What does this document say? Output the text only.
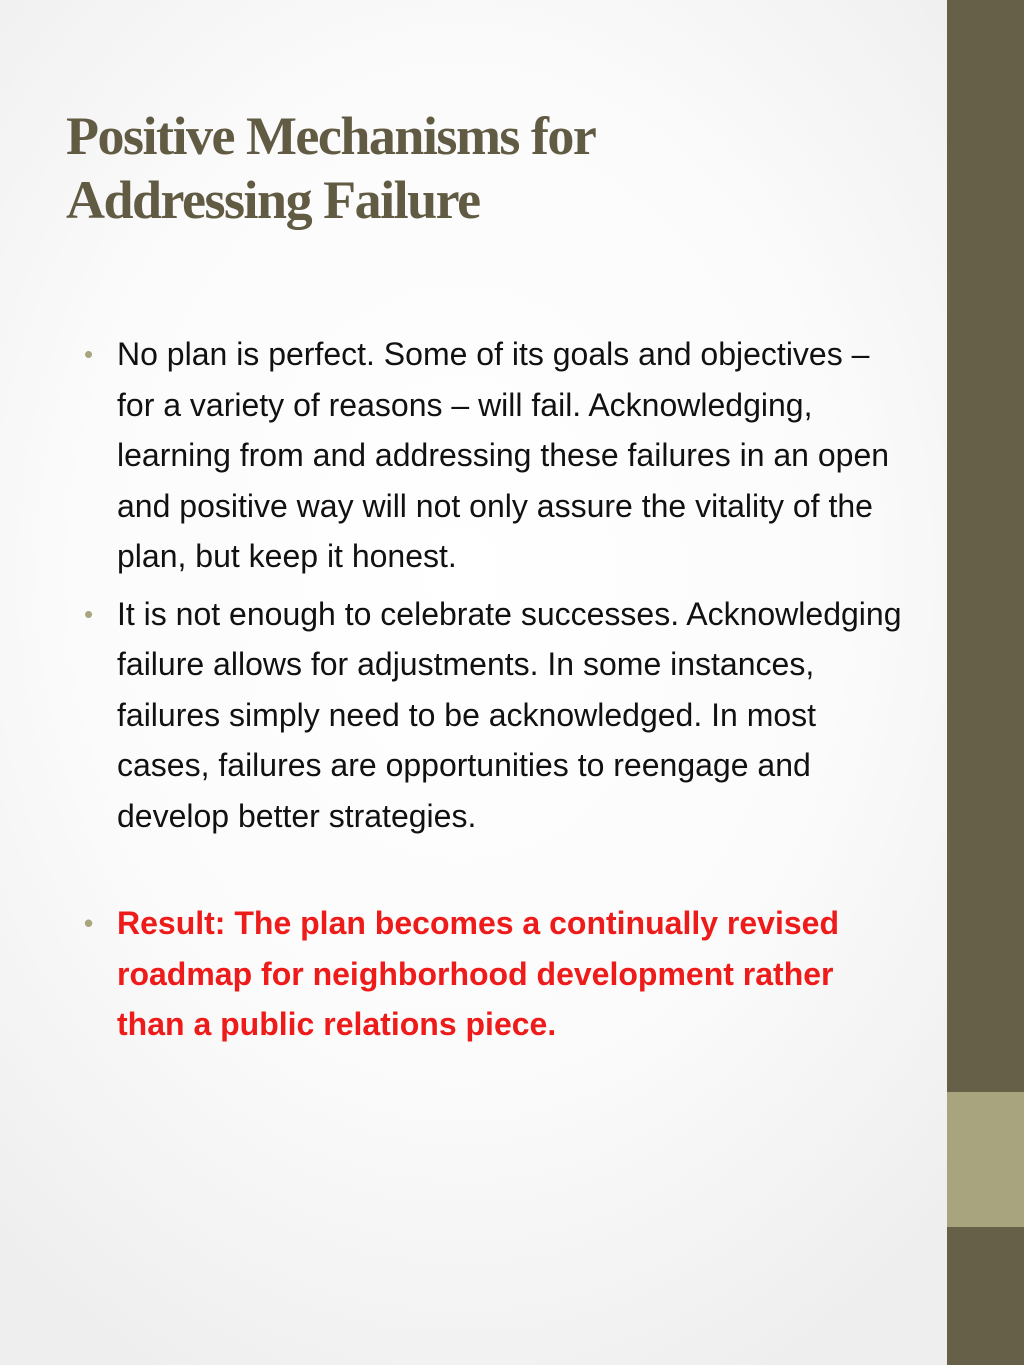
Positive Mechanisms for
Addressing Failure
• No plan is perfect. Some of its goals and objectives – for a variety of reasons – will fail. Acknowledging, learning from and addressing these failures in an open and positive way will not only assure the vitality of the plan, but keep it honest.
• It is not enough to celebrate successes. Acknowledging failure allows for adjustments. In some instances, failures simply need to be acknowledged. In most cases, failures are opportunities to reengage and develop better strategies.
• Result: The plan becomes a continually revised roadmap for neighborhood development rather than a public relations piece.
